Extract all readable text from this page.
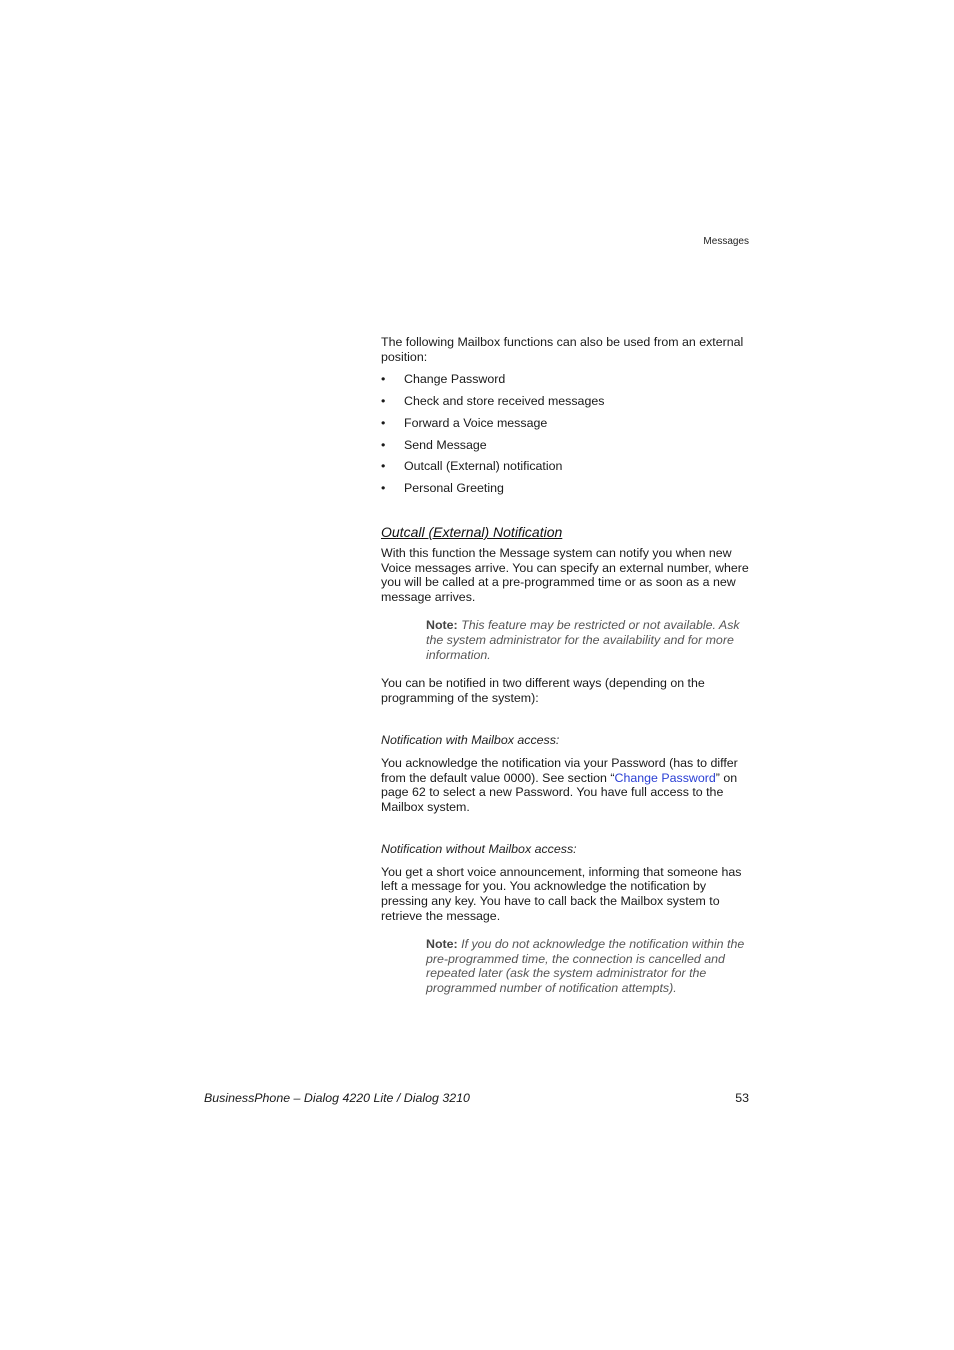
Messages

The following Mailbox functions can also be used from an external position:

• Change Password
• Check and store received messages
• Forward a Voice message
• Send Message
• Outcall (External) notification
• Personal Greeting
Outcall (External) Notification

With this function the Message system can notify you when new Voice messages arrive. You can specify an external number, where you will be called at a pre-programmed time or as soon as a new message arrives.

Note: This feature may be restricted or not available. Ask the system administrator for the availability and for more information.

You can be notified in two different ways (depending on the programming of the system):

Notification with Mailbox access:

You acknowledge the notification via your Password (has to differ from the default value 0000). See section “Change Password” on page 62 to select a new Password. You have full access to the Mailbox system.

Notification without Mailbox access:

You get a short voice announcement, informing that someone has left a message for you. You acknowledge the notification by pressing any key. You have to call back the Mailbox system to retrieve the message.

Note: If you do not acknowledge the notification within the pre-programmed time, the connection is cancelled and repeated later (ask the system administrator for the programmed number of notification attempts).

BusinessPhone – Dialog 4220 Lite / Dialog 3210	53
